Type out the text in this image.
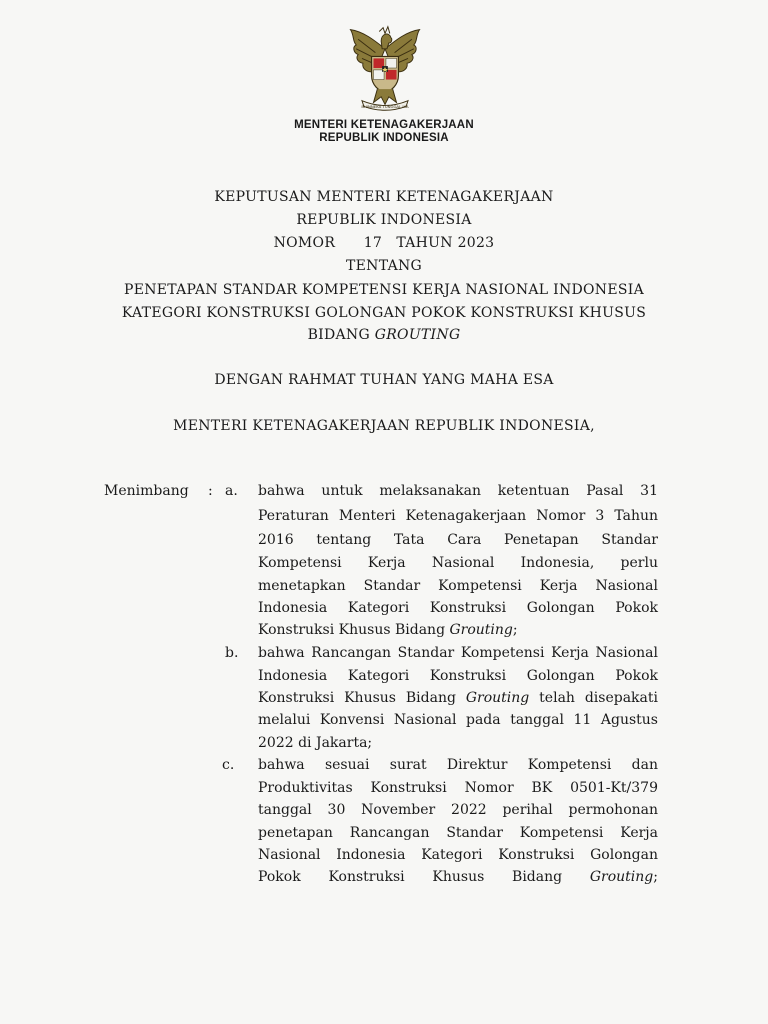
BHINNEKA TUNGGAL IKA
MENTERI KETENAGAKERJAAN
REPUBLIK INDONESIA
KEPUTUSAN MENTERI KETENAGAKERJAAN
REPUBLIK INDONESIA
NOMOR 17 TAHUN 2023
TENTANG
PENETAPAN STANDAR KOMPETENSI KERJA NASIONAL INDONESIA
KATEGORI KONSTRUKSI GOLONGAN POKOK KONSTRUKSI KHUSUS
BIDANG GROUTING
DENGAN RAHMAT TUHAN YANG MAHA ESA
MENTERI KETENAGAKERJAAN REPUBLIK INDONESIA,
Menimbang : a. bahwa untuk melaksanakan ketentuan Pasal 31
Peraturan Menteri Ketenagakerjaan Nomor 3 Tahun
2016 tentang Tata Cara Penetapan Standar
Kompetensi Kerja Nasional Indonesia, perlu
menetapkan Standar Kompetensi Kerja Nasional
Indonesia Kategori Konstruksi Golongan Pokok
Konstruksi Khusus Bidang Grouting;
b. bahwa Rancangan Standar Kompetensi Kerja Nasional
Indonesia Kategori Konstruksi Golongan Pokok
Konstruksi Khusus Bidang Grouting telah disepakati
melalui Konvensi Nasional pada tanggal 11 Agustus
2022 di Jakarta;
c. bahwa sesuai surat Direktur Kompetensi dan
Produktivitas Konstruksi Nomor BK 0501-Kt/379
tanggal 30 November 2022 perihal permohonan
penetapan Rancangan Standar Kompetensi Kerja
Nasional Indonesia Kategori Konstruksi Golongan
Pokok Konstruksi Khusus Bidang Grouting;
